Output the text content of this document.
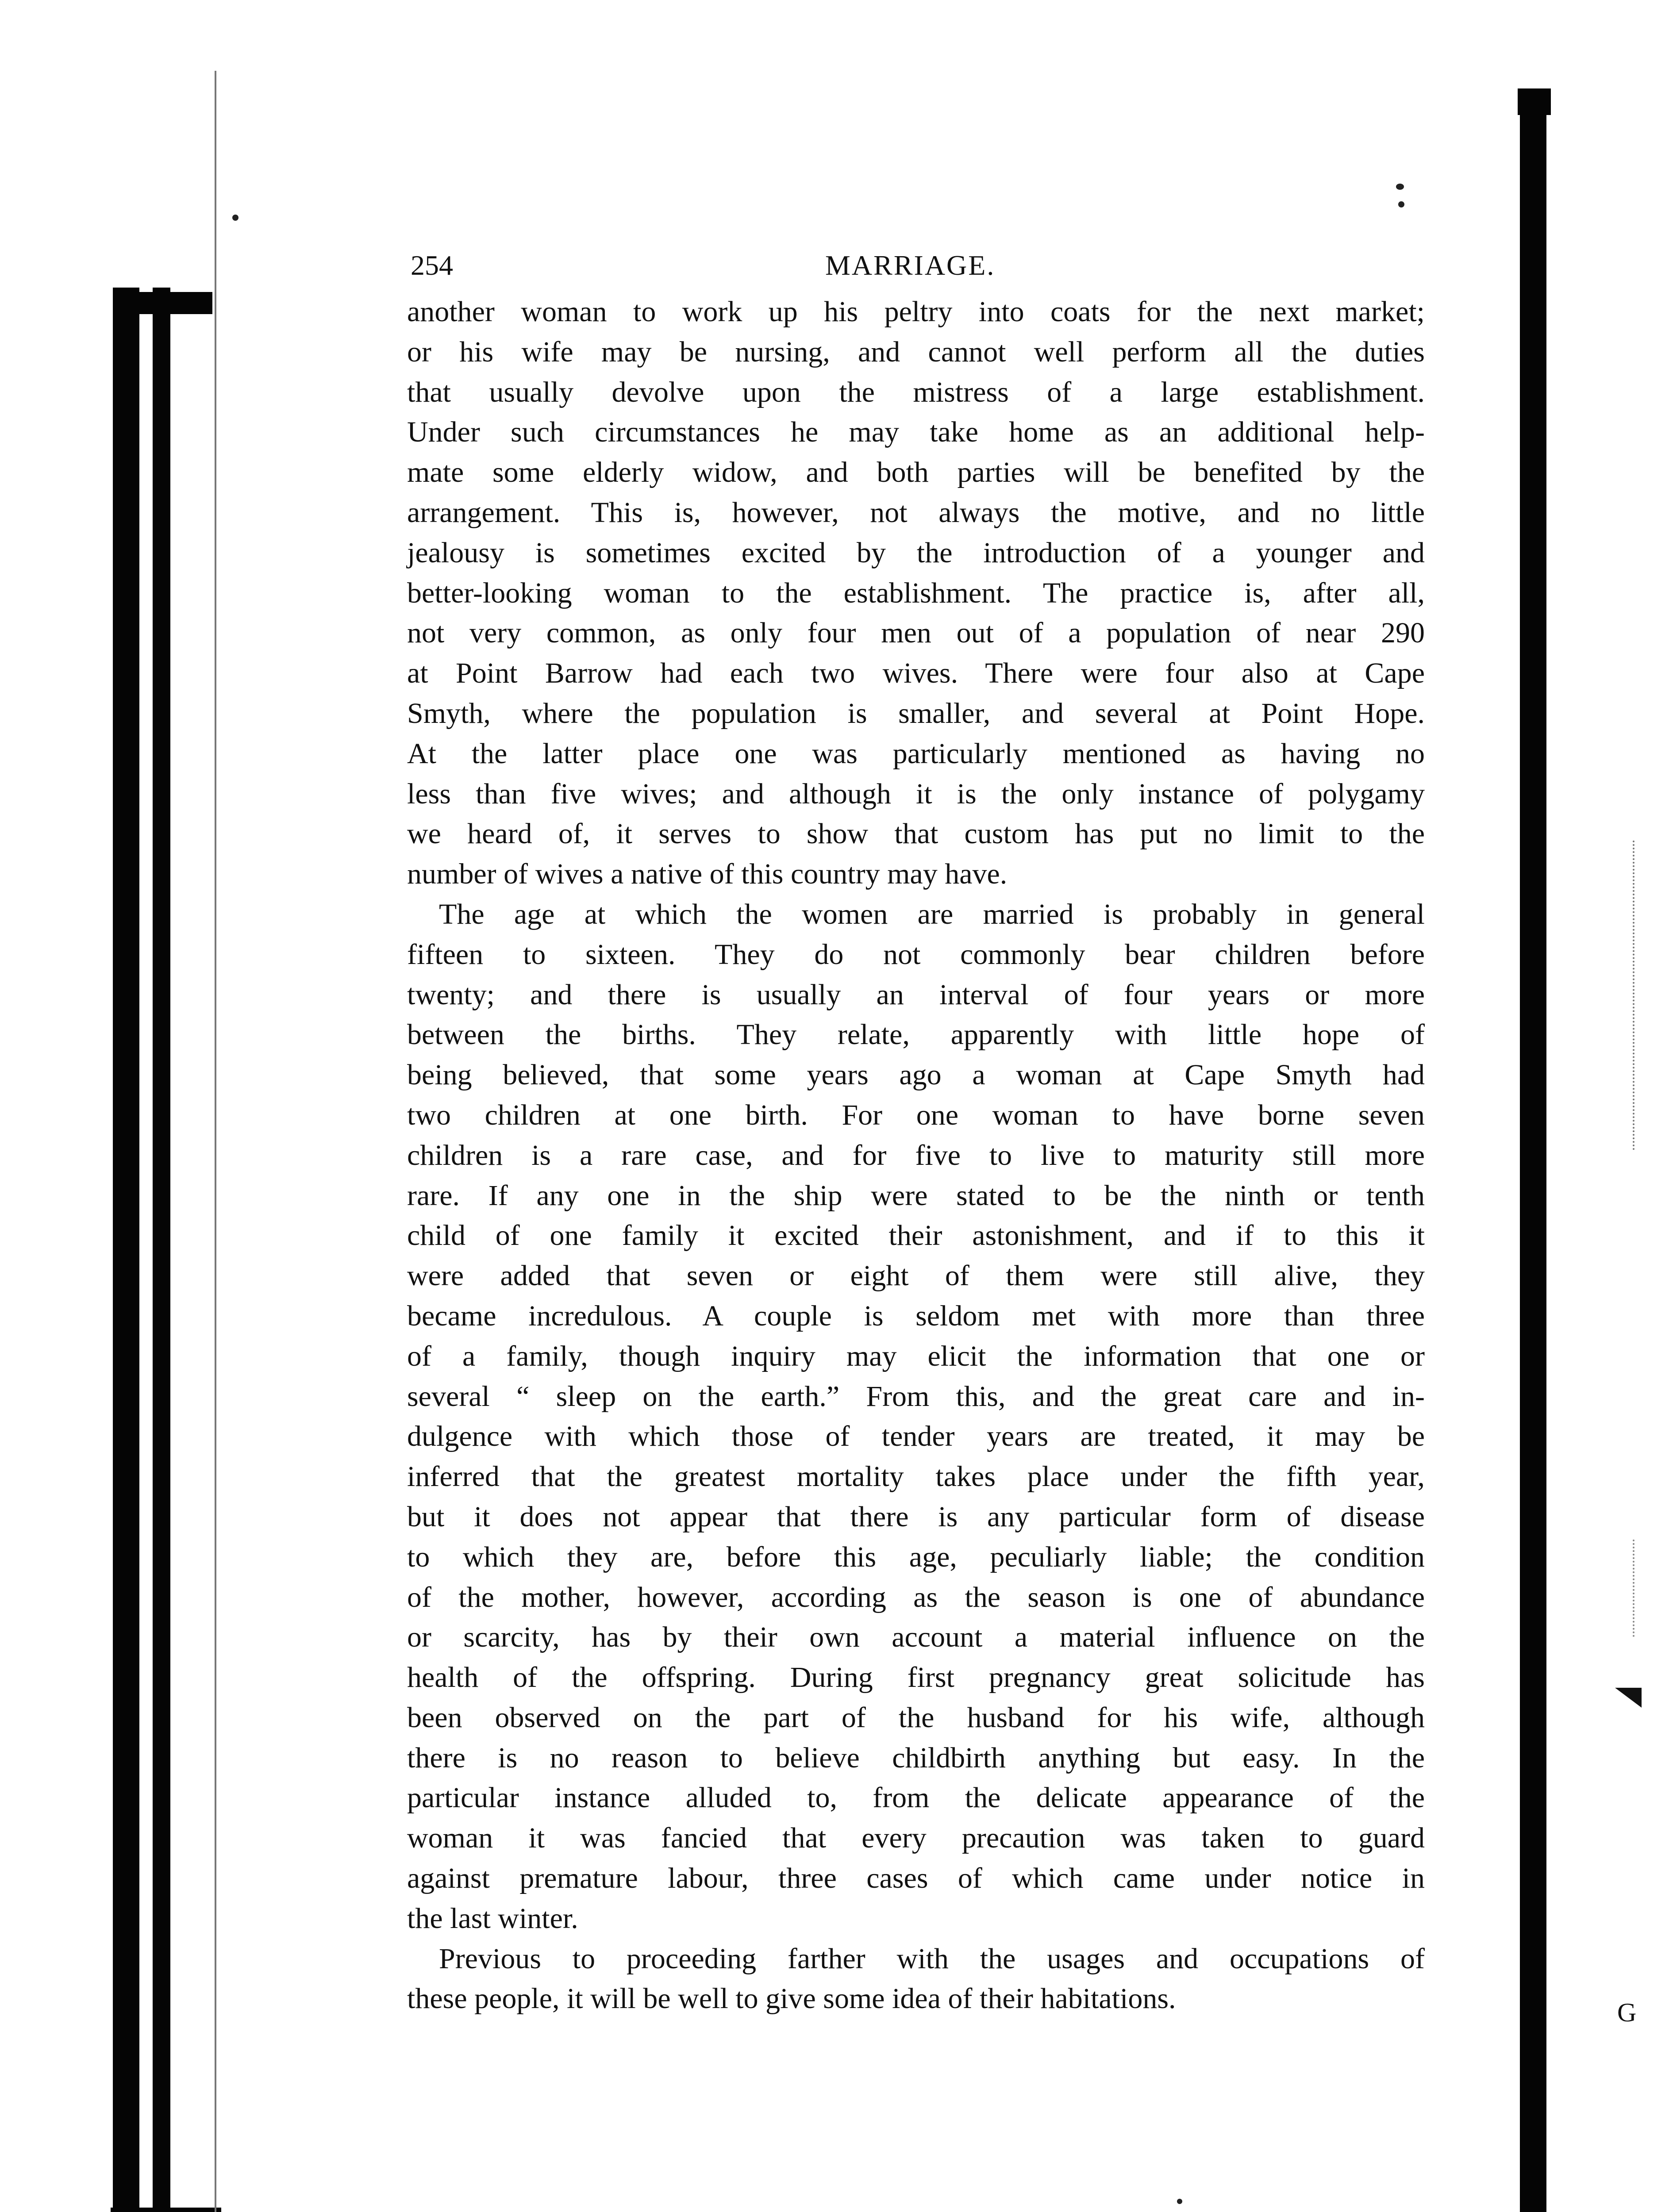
G
254	MARRIAGE.
another woman to work up his peltry into coats for the next market;
or his wife may be nursing, and cannot well perform all the duties
that usually devolve upon the mistress of a large establishment.
Under such circumstances he may take home as an additional help-
mate some elderly widow, and both parties will be benefited by the
arrangement. This is, however, not always the motive, and no little
jealousy is sometimes excited by the introduction of a younger and
better-looking woman to the establishment. The practice is, after all,
not very common, as only four men out of a population of near 290
at Point Barrow had each two wives. There were four also at Cape
Smyth, where the population is smaller, and several at Point Hope.
At the latter place one was particularly mentioned as having no
less than five wives; and although it is the only instance of polygamy
we heard of, it serves to show that custom has put no limit to the
number of wives a native of this country may have.
The age at which the women are married is probably in general
fifteen to sixteen. They do not commonly bear children before
twenty; and there is usually an interval of four years or more
between the births. They relate, apparently with little hope of
being believed, that some years ago a woman at Cape Smyth had
two children at one birth. For one woman to have borne seven
children is a rare case, and for five to live to maturity still more
rare. If any one in the ship were stated to be the ninth or tenth
child of one family it excited their astonishment, and if to this it
were added that seven or eight of them were still alive, they
became incredulous. A couple is seldom met with more than three
of a family, though inquiry may elicit the information that one or
several “ sleep on the earth.” From this, and the great care and in-
dulgence with which those of tender years are treated, it may be
inferred that the greatest mortality takes place under the fifth year,
but it does not appear that there is any particular form of disease
to which they are, before this age, peculiarly liable; the condition
of the mother, however, according as the season is one of abundance
or scarcity, has by their own account a material influence on the
health of the offspring. During first pregnancy great solicitude has
been observed on the part of the husband for his wife, although
there is no reason to believe childbirth anything but easy. In the
particular instance alluded to, from the delicate appearance of the
woman it was fancied that every precaution was taken to guard
against premature labour, three cases of which came under notice in
the last winter.
Previous to proceeding farther with the usages and occupations of
these people, it will be well to give some idea of their habitations.
